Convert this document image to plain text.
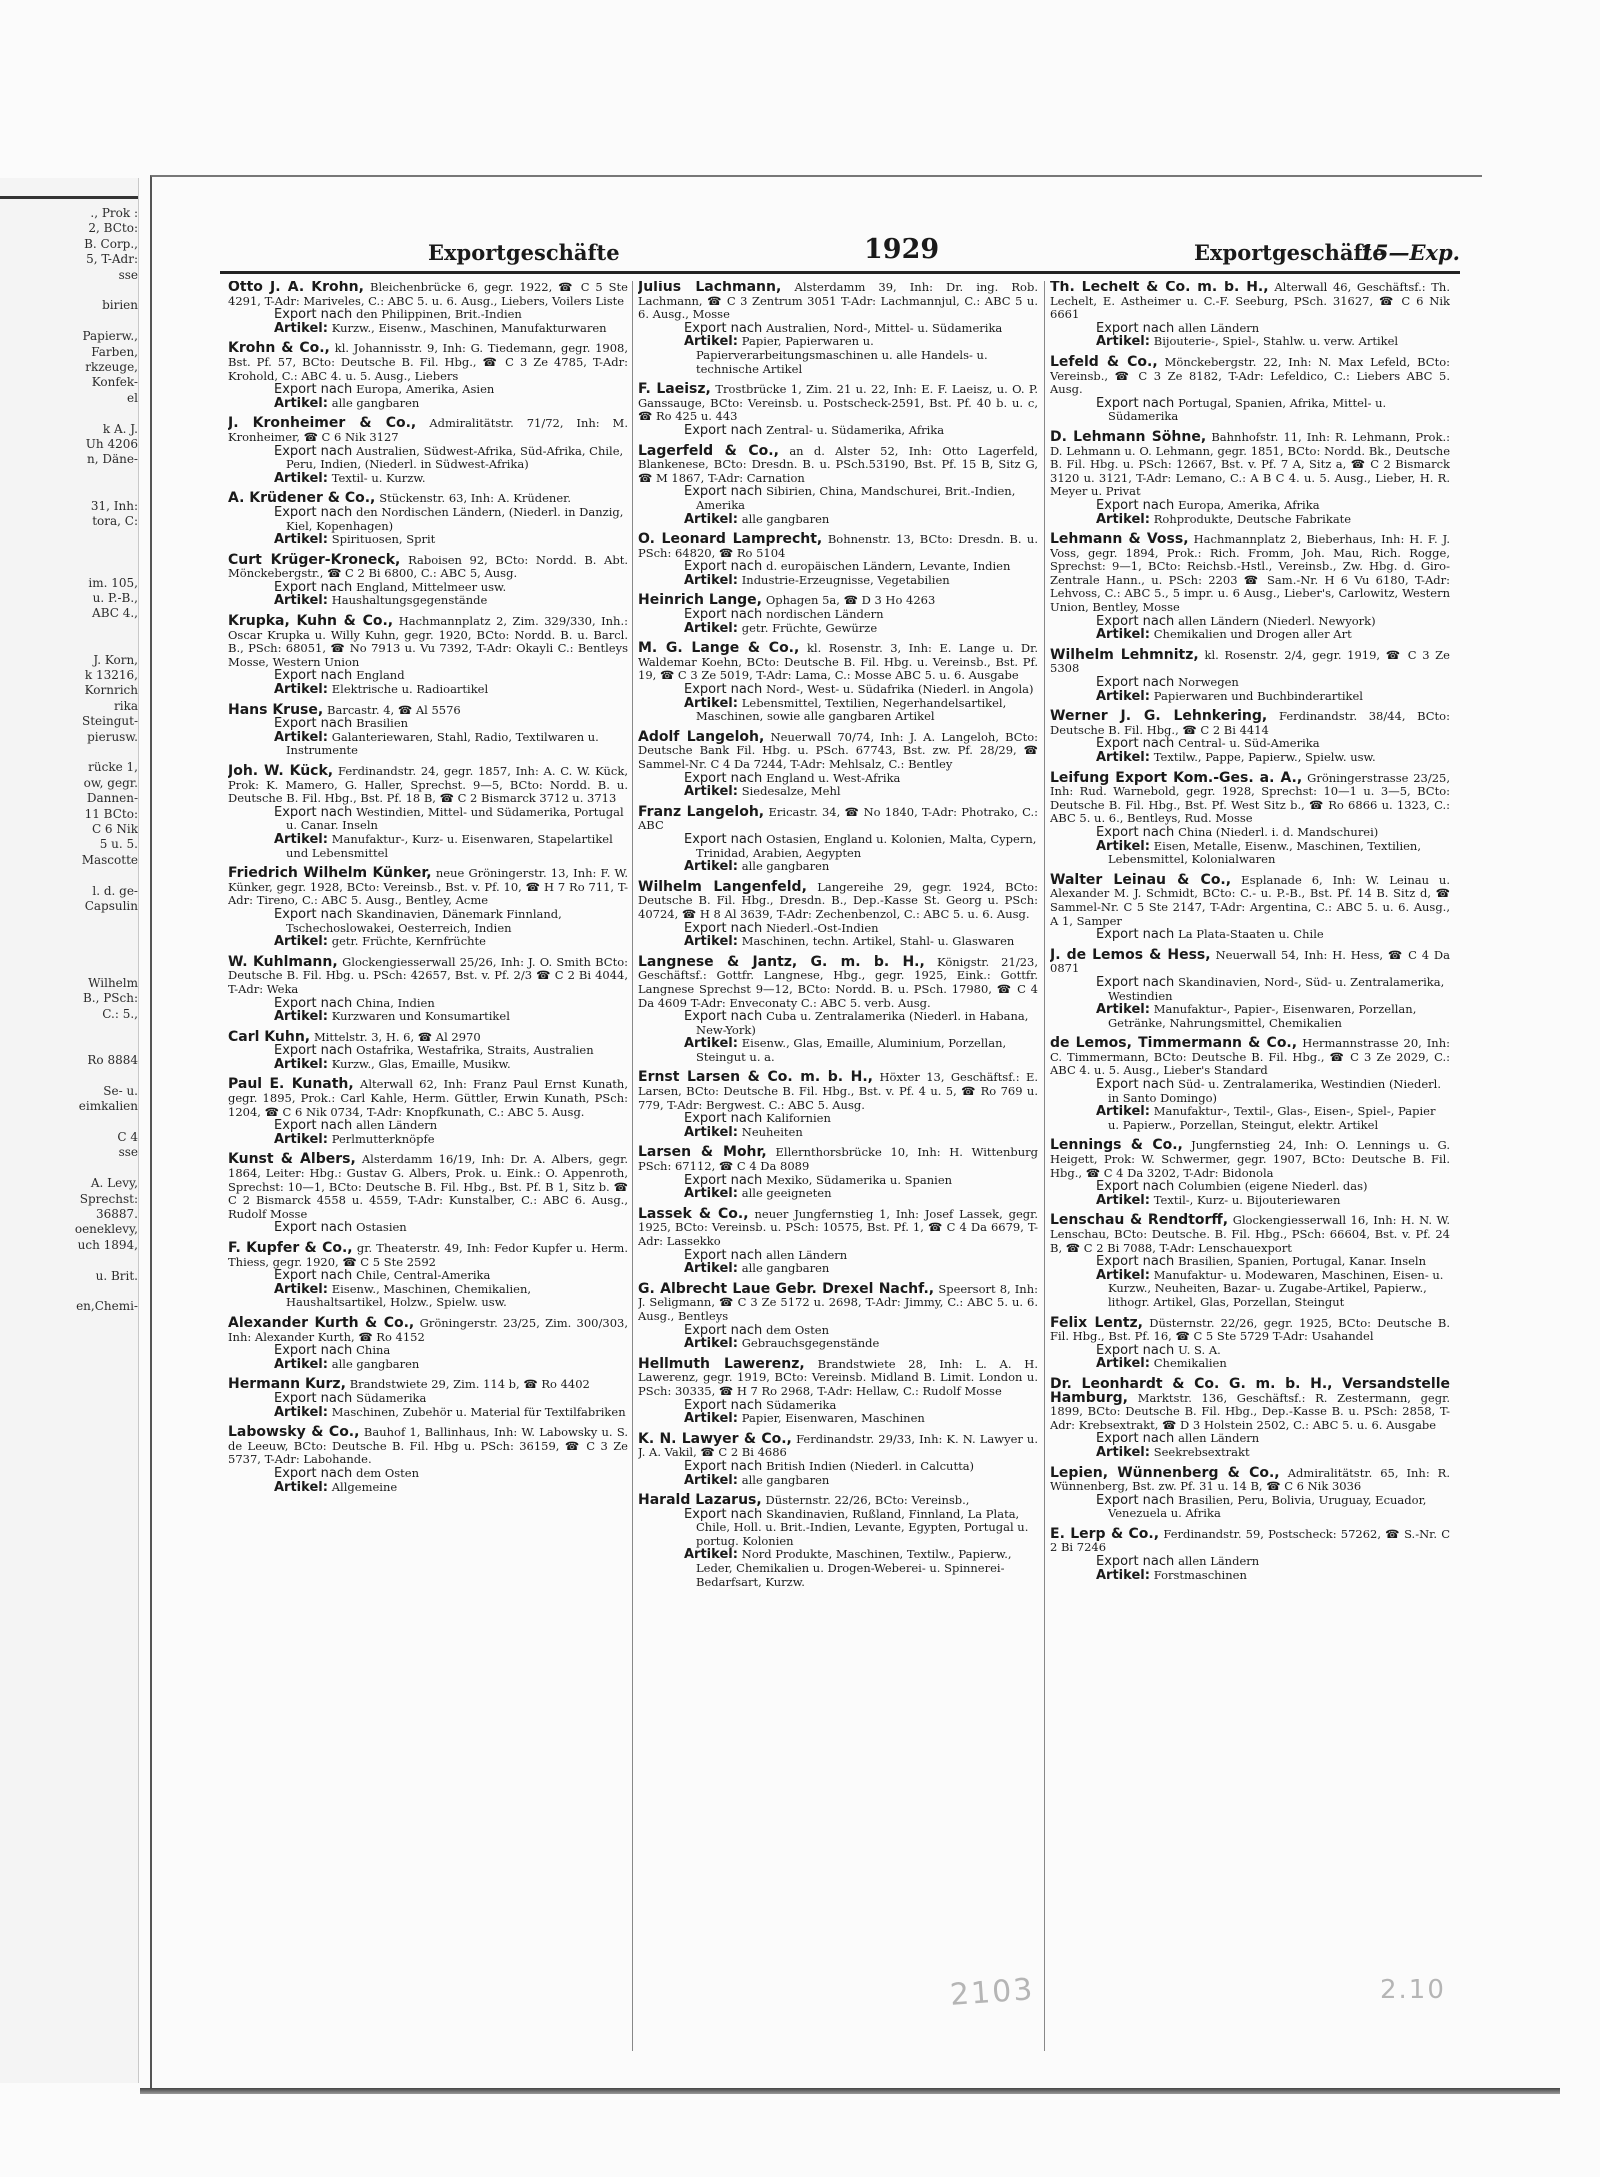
., Prok :
2, BCto:
B. Corp.,
5, T-Adr:
sse
birien
Papierw.,
Farben,
rkzeuge,
Konfek-
el
k A. J.
Uh 4206
n, Däne-
31, Inh:
tora, C:
im. 105,
u. P.-B.,
ABC 4.,
J. Korn,
k 13216,
Kornrich
rika
Steingut-
pierusw.
rücke 1,
ow, gegr.
Dannen-
11 BCto:
C 6 Nik
5 u. 5.
Mascotte
l. d. ge-
Capsulin
Wilhelm
B., PSch:
C.: 5.,
Ro 8884
Se- u.
eimkalien
C 4
sse
A. Levy,
Sprechst:
36887.
oeneklevy,
uch 1894,
u. Brit.
en,Chemi-
Exportgeschäfte	1929	Exportgeschäfte
15—Exp.
Otto J. A. Krohn, Bleichenbrücke 6, gegr. 1922, ☎ C 5 Ste 4291, T-Adr: Mariveles, C.: ABC 5. u. 6. Ausg., Liebers, Voilers Liste
Export nach den Philippinen, Brit.-Indien
Artikel: Kurzw., Eisenw., Maschinen, Manufakturwaren
Krohn & Co., kl. Johannisstr. 9, Inh: G. Tiedemann, gegr. 1908, Bst. Pf. 57, BCto: Deutsche B. Fil. Hbg., ☎ C 3 Ze 4785, T-Adr: Krohold, C.: ABC 4. u. 5. Ausg., Liebers
Export nach Europa, Amerika, Asien
Artikel: alle gangbaren
J. Kronheimer & Co., Admiralitätstr. 71/72, Inh: M. Kronheimer, ☎ C 6 Nik 3127
Export nach Australien, Südwest-Afrika, Süd-Afrika, Chile, Peru, Indien, (Niederl. in Südwest-Afrika)
Artikel: Textil- u. Kurzw.
A. Krüdener & Co., Stückenstr. 63, Inh: A. Krüdener.
Export nach den Nordischen Ländern, (Niederl. in Danzig, Kiel, Kopenhagen)
Artikel: Spirituosen, Sprit
Curt Krüger-Kroneck, Raboisen 92, BCto: Nordd. B. Abt. Mönckebergstr., ☎ C 2 Bi 6800, C.: ABC 5, Ausg.
Export nach England, Mittelmeer usw.
Artikel: Haushaltungsgegenstände
Krupka, Kuhn & Co., Hachmannplatz 2, Zim. 329/330, Inh.: Oscar Krupka u. Willy Kuhn, gegr. 1920, BCto: Nordd. B. u. Barcl. B., PSch: 68051, ☎ No 7913 u. Vu 7392, T-Adr: Okayli C.: Bentleys Mosse, Western Union
Export nach England
Artikel: Elektrische u. Radioartikel
Hans Kruse, Barcastr. 4, ☎ Al 5576
Export nach Brasilien
Artikel: Galanteriewaren, Stahl, Radio, Textilwaren u. Instrumente
Joh. W. Kück, Ferdinandstr. 24, gegr. 1857, Inh: A. C. W. Kück, Prok: K. Mamero, G. Haller, Sprechst. 9—5, BCto: Nordd. B. u. Deutsche B. Fil. Hbg., Bst. Pf. 18 B, ☎ C 2 Bismarck 3712 u. 3713
Export nach Westindien, Mittel- und Südamerika, Portugal u. Canar. Inseln
Artikel: Manufaktur-, Kurz- u. Eisenwaren, Stapelartikel und Lebensmittel
Friedrich Wilhelm Künker, neue Gröningerstr. 13, Inh: F. W. Künker, gegr. 1928, BCto: Vereinsb., Bst. v. Pf. 10, ☎ H 7 Ro 711, T-Adr: Tireno, C.: ABC 5. Ausg., Bentley, Acme
Export nach Skandinavien, Dänemark Finnland, Tschechoslowakei, Oesterreich, Indien
Artikel: getr. Früchte, Kernfrüchte
W. Kuhlmann, Glockengiesserwall 25/26, Inh: J. O. Smith BCto: Deutsche B. Fil. Hbg. u. PSch: 42657, Bst. v. Pf. 2/3 ☎ C 2 Bi 4044, T-Adr: Weka
Export nach China, Indien
Artikel: Kurzwaren und Konsumartikel
Carl Kuhn, Mittelstr. 3, H. 6, ☎ Al 2970
Export nach Ostafrika, Westafrika, Straits, Australien
Artikel: Kurzw., Glas, Emaille, Musikw.
Paul E. Kunath, Alterwall 62, Inh: Franz Paul Ernst Kunath, gegr. 1895, Prok.: Carl Kahle, Herm. Güttler, Erwin Kunath, PSch: 1204, ☎ C 6 Nik 0734, T-Adr: Knopfkunath, C.: ABC 5. Ausg.
Export nach allen Ländern
Artikel: Perlmutterknöpfe
Kunst & Albers, Alsterdamm 16/19, Inh: Dr. A. Albers, gegr. 1864, Leiter: Hbg.: Gustav G. Albers, Prok. u. Eink.: O. Appenroth, Sprechst: 10—1, BCto: Deutsche B. Fil. Hbg., Bst. Pf. B 1, Sitz b. ☎ C 2 Bismarck 4558 u. 4559, T-Adr: Kunstalber, C.: ABC 6. Ausg., Rudolf Mosse
Export nach Ostasien
F. Kupfer & Co., gr. Theaterstr. 49, Inh: Fedor Kupfer u. Herm. Thiess, gegr. 1920, ☎ C 5 Ste 2592
Export nach Chile, Central-Amerika
Artikel: Eisenw., Maschinen, Chemikalien, Haushaltsartikel, Holzw., Spielw. usw.
Alexander Kurth & Co., Gröningerstr. 23/25, Zim. 300/303, Inh: Alexander Kurth, ☎ Ro 4152
Export nach China
Artikel: alle gangbaren
Hermann Kurz, Brandstwiete 29, Zim. 114 b, ☎ Ro 4402
Export nach Südamerika
Artikel: Maschinen, Zubehör u. Material für Textilfabriken
Labowsky & Co., Bauhof 1, Ballinhaus, Inh: W. Labowsky u. S. de Leeuw, BCto: Deutsche B. Fil. Hbg u. PSch: 36159, ☎ C 3 Ze 5737, T-Adr: Labohande.
Export nach dem Osten
Artikel: Allgemeine
Julius Lachmann, Alsterdamm 39, Inh: Dr. ing. Rob. Lachmann, ☎ C 3 Zentrum 3051 T-Adr: Lachmannjul, C.: ABC 5 u. 6. Ausg., Mosse
Export nach Australien, Nord-, Mittel- u. Südamerika
Artikel: Papier, Papierwaren u. Papierverarbeitungsmaschinen u. alle Handels- u. technische Artikel
F. Laeisz, Trostbrücke 1, Zim. 21 u. 22, Inh: E. F. Laeisz, u. O. P. Ganssauge, BCto: Vereinsb. u. Postscheck-2591, Bst. Pf. 40 b. u. c, ☎ Ro 425 u. 443
Export nach Zentral- u. Südamerika, Afrika
Lagerfeld & Co., an d. Alster 52, Inh: Otto Lagerfeld, Blankenese, BCto: Dresdn. B. u. PSch.53190, Bst. Pf. 15 B, Sitz G, ☎ M 1867, T-Adr: Carnation
Export nach Sibirien, China, Mandschurei, Brit.-Indien, Amerika
Artikel: alle gangbaren
O. Leonard Lamprecht, Bohnenstr. 13, BCto: Dresdn. B. u. PSch: 64820, ☎ Ro 5104
Export nach d. europäischen Ländern, Levante, Indien
Artikel: Industrie-Erzeugnisse, Vegetabilien
Heinrich Lange, Ophagen 5a, ☎ D 3 Ho 4263
Export nach nordischen Ländern
Artikel: getr. Früchte, Gewürze
M. G. Lange & Co., kl. Rosenstr. 3, Inh: E. Lange u. Dr. Waldemar Koehn, BCto: Deutsche B. Fil. Hbg. u. Vereinsb., Bst. Pf. 19, ☎ C 3 Ze 5019, T-Adr: Lama, C.: Mosse ABC 5. u. 6. Ausgabe
Export nach Nord-, West- u. Südafrika (Niederl. in Angola)
Artikel: Lebensmittel, Textilien, Negerhandelsartikel, Maschinen, sowie alle gangbaren Artikel
Adolf Langeloh, Neuerwall 70/74, Inh: J. A. Langeloh, BCto: Deutsche Bank Fil. Hbg. u. PSch. 67743, Bst. zw. Pf. 28/29, ☎ Sammel-Nr. C 4 Da 7244, T-Adr: Mehlsalz, C.: Bentley
Export nach England u. West-Afrika
Artikel: Siedesalze, Mehl
Franz Langeloh, Ericastr. 34, ☎ No 1840, T-Adr: Photrako, C.: ABC
Export nach Ostasien, England u. Kolonien, Malta, Cypern, Trinidad, Arabien, Aegypten
Artikel: alle gangbaren
Wilhelm Langenfeld, Langereihe 29, gegr. 1924, BCto: Deutsche B. Fil. Hbg., Dresdn. B., Dep.-Kasse St. Georg u. PSch: 40724, ☎ H 8 Al 3639, T-Adr: Zechenbenzol, C.: ABC 5. u. 6. Ausg.
Export nach Niederl.-Ost-Indien
Artikel: Maschinen, techn. Artikel, Stahl- u. Glaswaren
Langnese & Jantz, G. m. b. H., Königstr. 21/23, Geschäftsf.: Gottfr. Langnese, Hbg., gegr. 1925, Eink.: Gottfr. Langnese Sprechst 9—12, BCto: Nordd. B. u. PSch. 17980, ☎ C 4 Da 4609 T-Adr: Enveconaty C.: ABC 5. verb. Ausg.
Export nach Cuba u. Zentralamerika (Niederl. in Habana, New-York)
Artikel: Eisenw., Glas, Emaille, Aluminium, Porzellan, Steingut u. a.
Ernst Larsen & Co. m. b. H., Höxter 13, Geschäftsf.: E. Larsen, BCto: Deutsche B. Fil. Hbg., Bst. v. Pf. 4 u. 5, ☎ Ro 769 u. 779, T-Adr: Bergwest. C.: ABC 5. Ausg.
Export nach Kalifornien
Artikel: Neuheiten
Larsen & Mohr, Ellernthorsbrücke 10, Inh: H. Wittenburg PSch: 67112, ☎ C 4 Da 8089
Export nach Mexiko, Südamerika u. Spanien
Artikel: alle geeigneten
Lassek & Co., neuer Jungfernstieg 1, Inh: Josef Lassek, gegr. 1925, BCto: Vereinsb. u. PSch: 10575, Bst. Pf. 1, ☎ C 4 Da 6679, T-Adr: Lassekko
Export nach allen Ländern
Artikel: alle gangbaren
G. Albrecht Laue Gebr. Drexel Nachf., Speersort 8, Inh: J. Seligmann, ☎ C 3 Ze 5172 u. 2698, T-Adr: Jimmy, C.: ABC 5. u. 6. Ausg., Bentleys
Export nach dem Osten
Artikel: Gebrauchsgegenstände
Hellmuth Lawerenz, Brandstwiete 28, Inh: L. A. H. Lawerenz, gegr. 1919, BCto: Vereinsb. Midland B. Limit. London u. PSch: 30335, ☎ H 7 Ro 2968, T-Adr: Hellaw, C.: Rudolf Mosse
Export nach Südamerika
Artikel: Papier, Eisenwaren, Maschinen
K. N. Lawyer & Co., Ferdinandstr. 29/33, Inh: K. N. Lawyer u. J. A. Vakil, ☎ C 2 Bi 4686
Export nach British Indien (Niederl. in Calcutta)
Artikel: alle gangbaren
Harald Lazarus, Düsternstr. 22/26, BCto: Vereinsb.,
Export nach Skandinavien, Rußland, Finnland, La Plata, Chile, Holl. u. Brit.-Indien, Levante, Egypten, Portugal u. portug. Kolonien
Artikel: Nord Produkte, Maschinen, Textilw., Papierw., Leder, Chemikalien u. Drogen-Weberei- u. Spinnerei-Bedarfsart, Kurzw.
Th. Lechelt & Co. m. b. H., Alterwall 46, Geschäftsf.: Th. Lechelt, E. Astheimer u. C.-F. Seeburg, PSch. 31627, ☎ C 6 Nik 6661
Export nach allen Ländern
Artikel: Bijouterie-, Spiel-, Stahlw. u. verw. Artikel
Lefeld & Co., Mönckebergstr. 22, Inh: N. Max Lefeld, BCto: Vereinsb., ☎ C 3 Ze 8182, T-Adr: Lefeldico, C.: Liebers ABC 5. Ausg.
Export nach Portugal, Spanien, Afrika, Mittel- u. Südamerika
D. Lehmann Söhne, Bahnhofstr. 11, Inh: R. Lehmann, Prok.: D. Lehmann u. O. Lehmann, gegr. 1851, BCto: Nordd. Bk., Deutsche B. Fil. Hbg. u. PSch: 12667, Bst. v. Pf. 7 A, Sitz a, ☎ C 2 Bismarck 3120 u. 3121, T-Adr: Lemano, C.: A B C 4. u. 5. Ausg., Lieber, H. R. Meyer u. Privat
Export nach Europa, Amerika, Afrika
Artikel: Rohprodukte, Deutsche Fabrikate
Lehmann & Voss, Hachmannplatz 2, Bieberhaus, Inh: H. F. J. Voss, gegr. 1894, Prok.: Rich. Fromm, Joh. Mau, Rich. Rogge, Sprechst: 9—1, BCto: Reichsb.-Hstl., Vereinsb., Zw. Hbg. d. Giro-Zentrale Hann., u. PSch: 2203 ☎ Sam.-Nr. H 6 Vu 6180, T-Adr: Lehvoss, C.: ABC 5., 5 impr. u. 6 Ausg., Lieber's, Carlowitz, Western Union, Bentley, Mosse
Export nach allen Ländern (Niederl. Newyork)
Artikel: Chemikalien und Drogen aller Art
Wilhelm Lehmnitz, kl. Rosenstr. 2/4, gegr. 1919, ☎ C 3 Ze 5308
Export nach Norwegen
Artikel: Papierwaren und Buchbinderartikel
Werner J. G. Lehnkering, Ferdinandstr. 38/44, BCto: Deutsche B. Fil. Hbg., ☎ C 2 Bi 4414
Export nach Central- u. Süd-Amerika
Artikel: Textilw., Pappe, Papierw., Spielw. usw.
Leifung Export Kom.-Ges. a. A., Gröningerstrasse 23/25, Inh: Rud. Warnebold, gegr. 1928, Sprechst: 10—1 u. 3—5, BCto: Deutsche B. Fil. Hbg., Bst. Pf. West Sitz b., ☎ Ro 6866 u. 1323, C.: ABC 5. u. 6., Bentleys, Rud. Mosse
Export nach China (Niederl. i. d. Mandschurei)
Artikel: Eisen, Metalle, Eisenw., Maschinen, Textilien, Lebensmittel, Kolonialwaren
Walter Leinau & Co., Esplanade 6, Inh: W. Leinau u. Alexander M. J. Schmidt, BCto: C.- u. P.-B., Bst. Pf. 14 B. Sitz d, ☎ Sammel-Nr. C 5 Ste 2147, T-Adr: Argentina, C.: ABC 5. u. 6. Ausg., A 1, Samper
Export nach La Plata-Staaten u. Chile
J. de Lemos & Hess, Neuerwall 54, Inh: H. Hess, ☎ C 4 Da 0871
Export nach Skandinavien, Nord-, Süd- u. Zentralamerika, Westindien
Artikel: Manufaktur-, Papier-, Eisenwaren, Porzellan, Getränke, Nahrungsmittel, Chemikalien
de Lemos, Timmermann & Co., Hermannstrasse 20, Inh: C. Timmermann, BCto: Deutsche B. Fil. Hbg., ☎ C 3 Ze 2029, C.: ABC 4. u. 5. Ausg., Lieber's Standard
Export nach Süd- u. Zentralamerika, Westindien (Niederl. in Santo Domingo)
Artikel: Manufaktur-, Textil-, Glas-, Eisen-, Spiel-, Papier u. Papierw., Porzellan, Steingut, elektr. Artikel
Lennings & Co., Jungfernstieg 24, Inh: O. Lennings u. G. Heigett, Prok: W. Schwermer, gegr. 1907, BCto: Deutsche B. Fil. Hbg., ☎ C 4 Da 3202, T-Adr: Bidonola
Export nach Columbien (eigene Niederl. das)
Artikel: Textil-, Kurz- u. Bijouteriewaren
Lenschau & Rendtorff, Glockengiesserwall 16, Inh: H. N. W. Lenschau, BCto: Deutsche. B. Fil. Hbg., PSch: 66604, Bst. v. Pf. 24 B, ☎ C 2 Bi 7088, T-Adr: Lenschauexport
Export nach Brasilien, Spanien, Portugal, Kanar. Inseln
Artikel: Manufaktur- u. Modewaren, Maschinen, Eisen- u. Kurzw., Neuheiten, Bazar- u. Zugabe-Artikel, Papierw., lithogr. Artikel, Glas, Porzellan, Steingut
Felix Lentz, Düsternstr. 22/26, gegr. 1925, BCto: Deutsche B. Fil. Hbg., Bst. Pf. 16, ☎ C 5 Ste 5729 T-Adr: Usahandel
Export nach U. S. A.
Artikel: Chemikalien
Dr. Leonhardt & Co. G. m. b. H., Versandstelle Hamburg, Marktstr. 136, Geschäftsf.: R. Zestermann, gegr. 1899, BCto: Deutsche B. Fil. Hbg., Dep.-Kasse B. u. PSch: 2858, T-Adr: Krebsextrakt, ☎ D 3 Holstein 2502, C.: ABC 5. u. 6. Ausgabe
Export nach allen Ländern
Artikel: Seekrebsextrakt
Lepien, Wünnenberg & Co., Admiralitätstr. 65, Inh: R. Wünnenberg, Bst. zw. Pf. 31 u. 14 B, ☎ C 6 Nik 3036
Export nach Brasilien, Peru, Bolivia, Uruguay, Ecuador, Venezuela u. Afrika
E. Lerp & Co., Ferdinandstr. 59, Postscheck: 57262, ☎ S.-Nr. C 2 Bi 7246
Export nach allen Ländern
Artikel: Forstmaschinen
2103	2.10
